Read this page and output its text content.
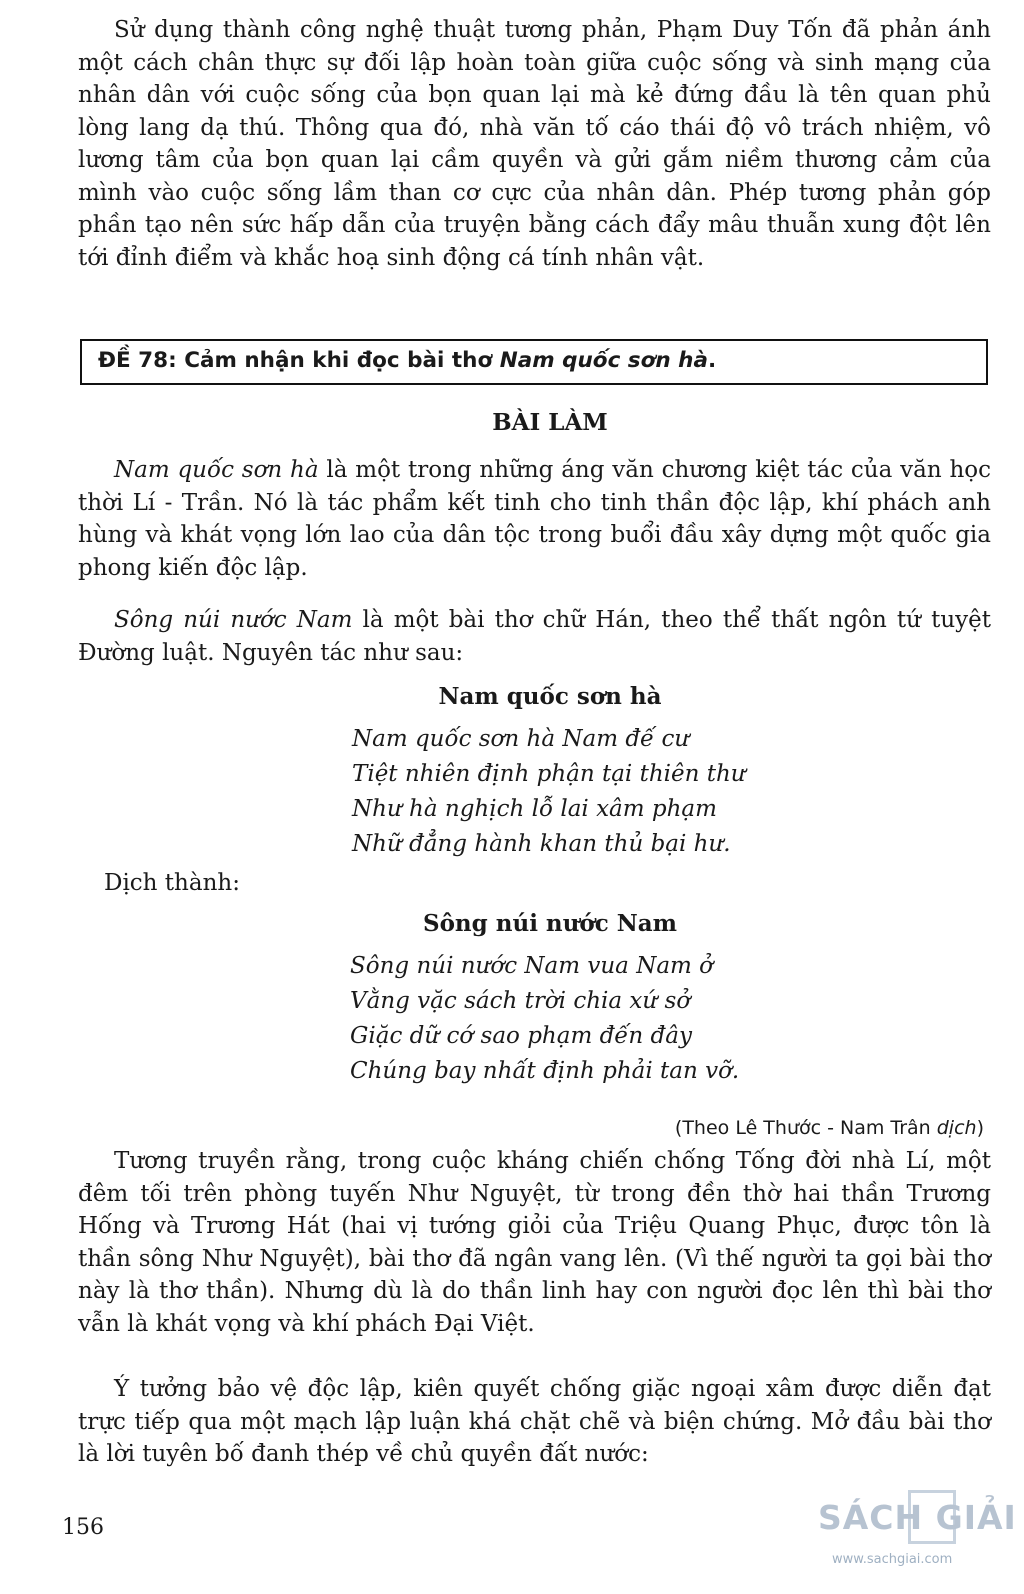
Sử dụng thành công nghệ thuật tương phản, Phạm Duy Tốn đã phản ánh một cách chân thực sự đối lập hoàn toàn giữa cuộc sống và sinh mạng của nhân dân với cuộc sống của bọn quan lại mà kẻ đứng đầu là tên quan phủ lòng lang dạ thú. Thông qua đó, nhà văn tố cáo thái độ vô trách nhiệm, vô lương tâm của bọn quan lại cầm quyền và gửi gắm niềm thương cảm của mình vào cuộc sống lầm than cơ cực của nhân dân. Phép tương phản góp phần tạo nên sức hấp dẫn của truyện bằng cách đẩy mâu thuẫn xung đột lên tới đỉnh điểm và khắc hoạ sinh động cá tính nhân vật.

ĐỀ 78: Cảm nhận khi đọc bài thơ Nam quốc sơn hà.
BÀI LÀM

Nam quốc sơn hà là một trong những áng văn chương kiệt tác của văn học thời Lí - Trần. Nó là tác phẩm kết tinh cho tinh thần độc lập, khí phách anh hùng và khát vọng lớn lao của dân tộc trong buổi đầu xây dựng một quốc gia phong kiến độc lập.

Sông núi nước Nam là một bài thơ chữ Hán, theo thể thất ngôn tứ tuyệt Đường luật. Nguyên tác như sau:

Nam quốc sơn hà
Nam quốc sơn hà Nam đế cư
Tiệt nhiên định phận tại thiên thư
Như hà nghịch lỗ lai xâm phạm
Nhữ đẳng hành khan thủ bại hư.
Dịch thành:
Sông núi nước Nam
Sông núi nước Nam vua Nam ở
Vằng vặc sách trời chia xứ sở
Giặc dữ cớ sao phạm đến đây
Chúng bay nhất định phải tan vỡ.
(Theo Lê Thước - Nam Trân dịch)

Tương truyền rằng, trong cuộc kháng chiến chống Tống đời nhà Lí, một đêm tối trên phòng tuyến Như Nguyệt, từ trong đền thờ hai thần Trương Hống và Trương Hát (hai vị tướng giỏi của Triệu Quang Phục, được tôn là thần sông Như Nguyệt), bài thơ đã ngân vang lên. (Vì thế người ta gọi bài thơ này là thơ thần). Nhưng dù là do thần linh hay con người đọc lên thì bài thơ vẫn là khát vọng và khí phách Đại Việt.

Ý tưởng bảo vệ độc lập, kiên quyết chống giặc ngoại xâm được diễn đạt trực tiếp qua một mạch lập luận khá chặt chẽ và biện chứng. Mở đầu bài thơ là lời tuyên bố đanh thép về chủ quyền đất nước:

156	SÁCH GIẢI
www.sachgiai.com
